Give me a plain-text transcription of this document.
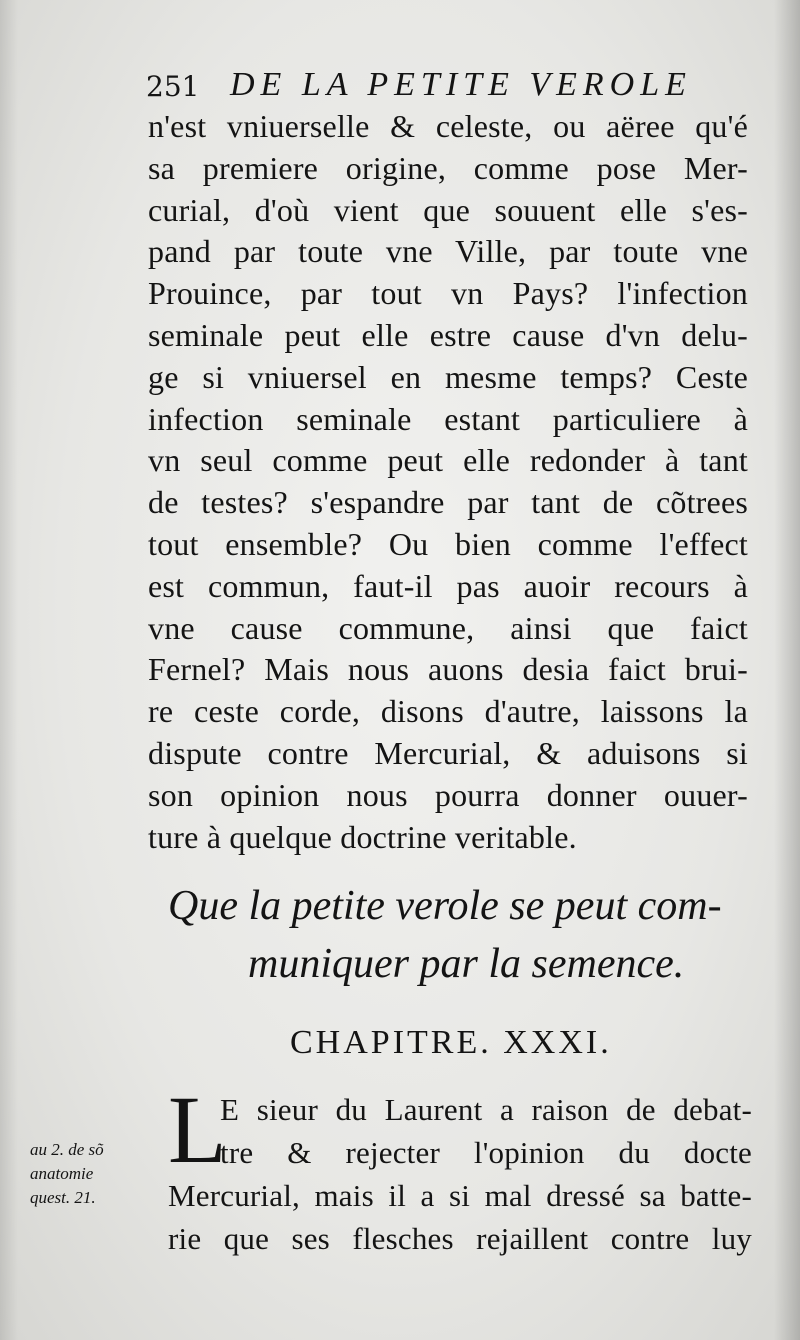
251 DE LA PETITE VEROLE
n'est vniuerselle & celeste, ou aëree qu'é
sa premiere origine, comme pose Mer-
curial, d'où vient que souuent elle s'es-
pand par toute vne Ville, par toute vne
Prouince, par tout vn Pays? l'infection
seminale peut elle estre cause d'vn delu-
ge si vniuersel en mesme temps? Ceste
infection seminale estant particuliere à
vn seul comme peut elle redonder à tant
de testes? s'espandre par tant de cõtrees
tout ensemble? Ou bien comme l'effect
est commun, faut-il pas auoir recours à
vne cause commune, ainsi que faict
Fernel? Mais nous auons desia faict brui-
re ceste corde, disons d'autre, laissons la
dispute contre Mercurial, & aduisons si
son opinion nous pourra donner ouuer-
ture à quelque doctrine veritable.
Que la petite verole se peut com-
muniquer par la semence.
CHAPITRE. XXXI.
L
E sieur du Laurent a raison de debat-
tre & rejecter l'opinion du docte
Mercurial, mais il a si mal dressé sa batte-
rie que ses flesches rejaillent contre luy
au 2. de sõ
anatomie
quest. 21.
